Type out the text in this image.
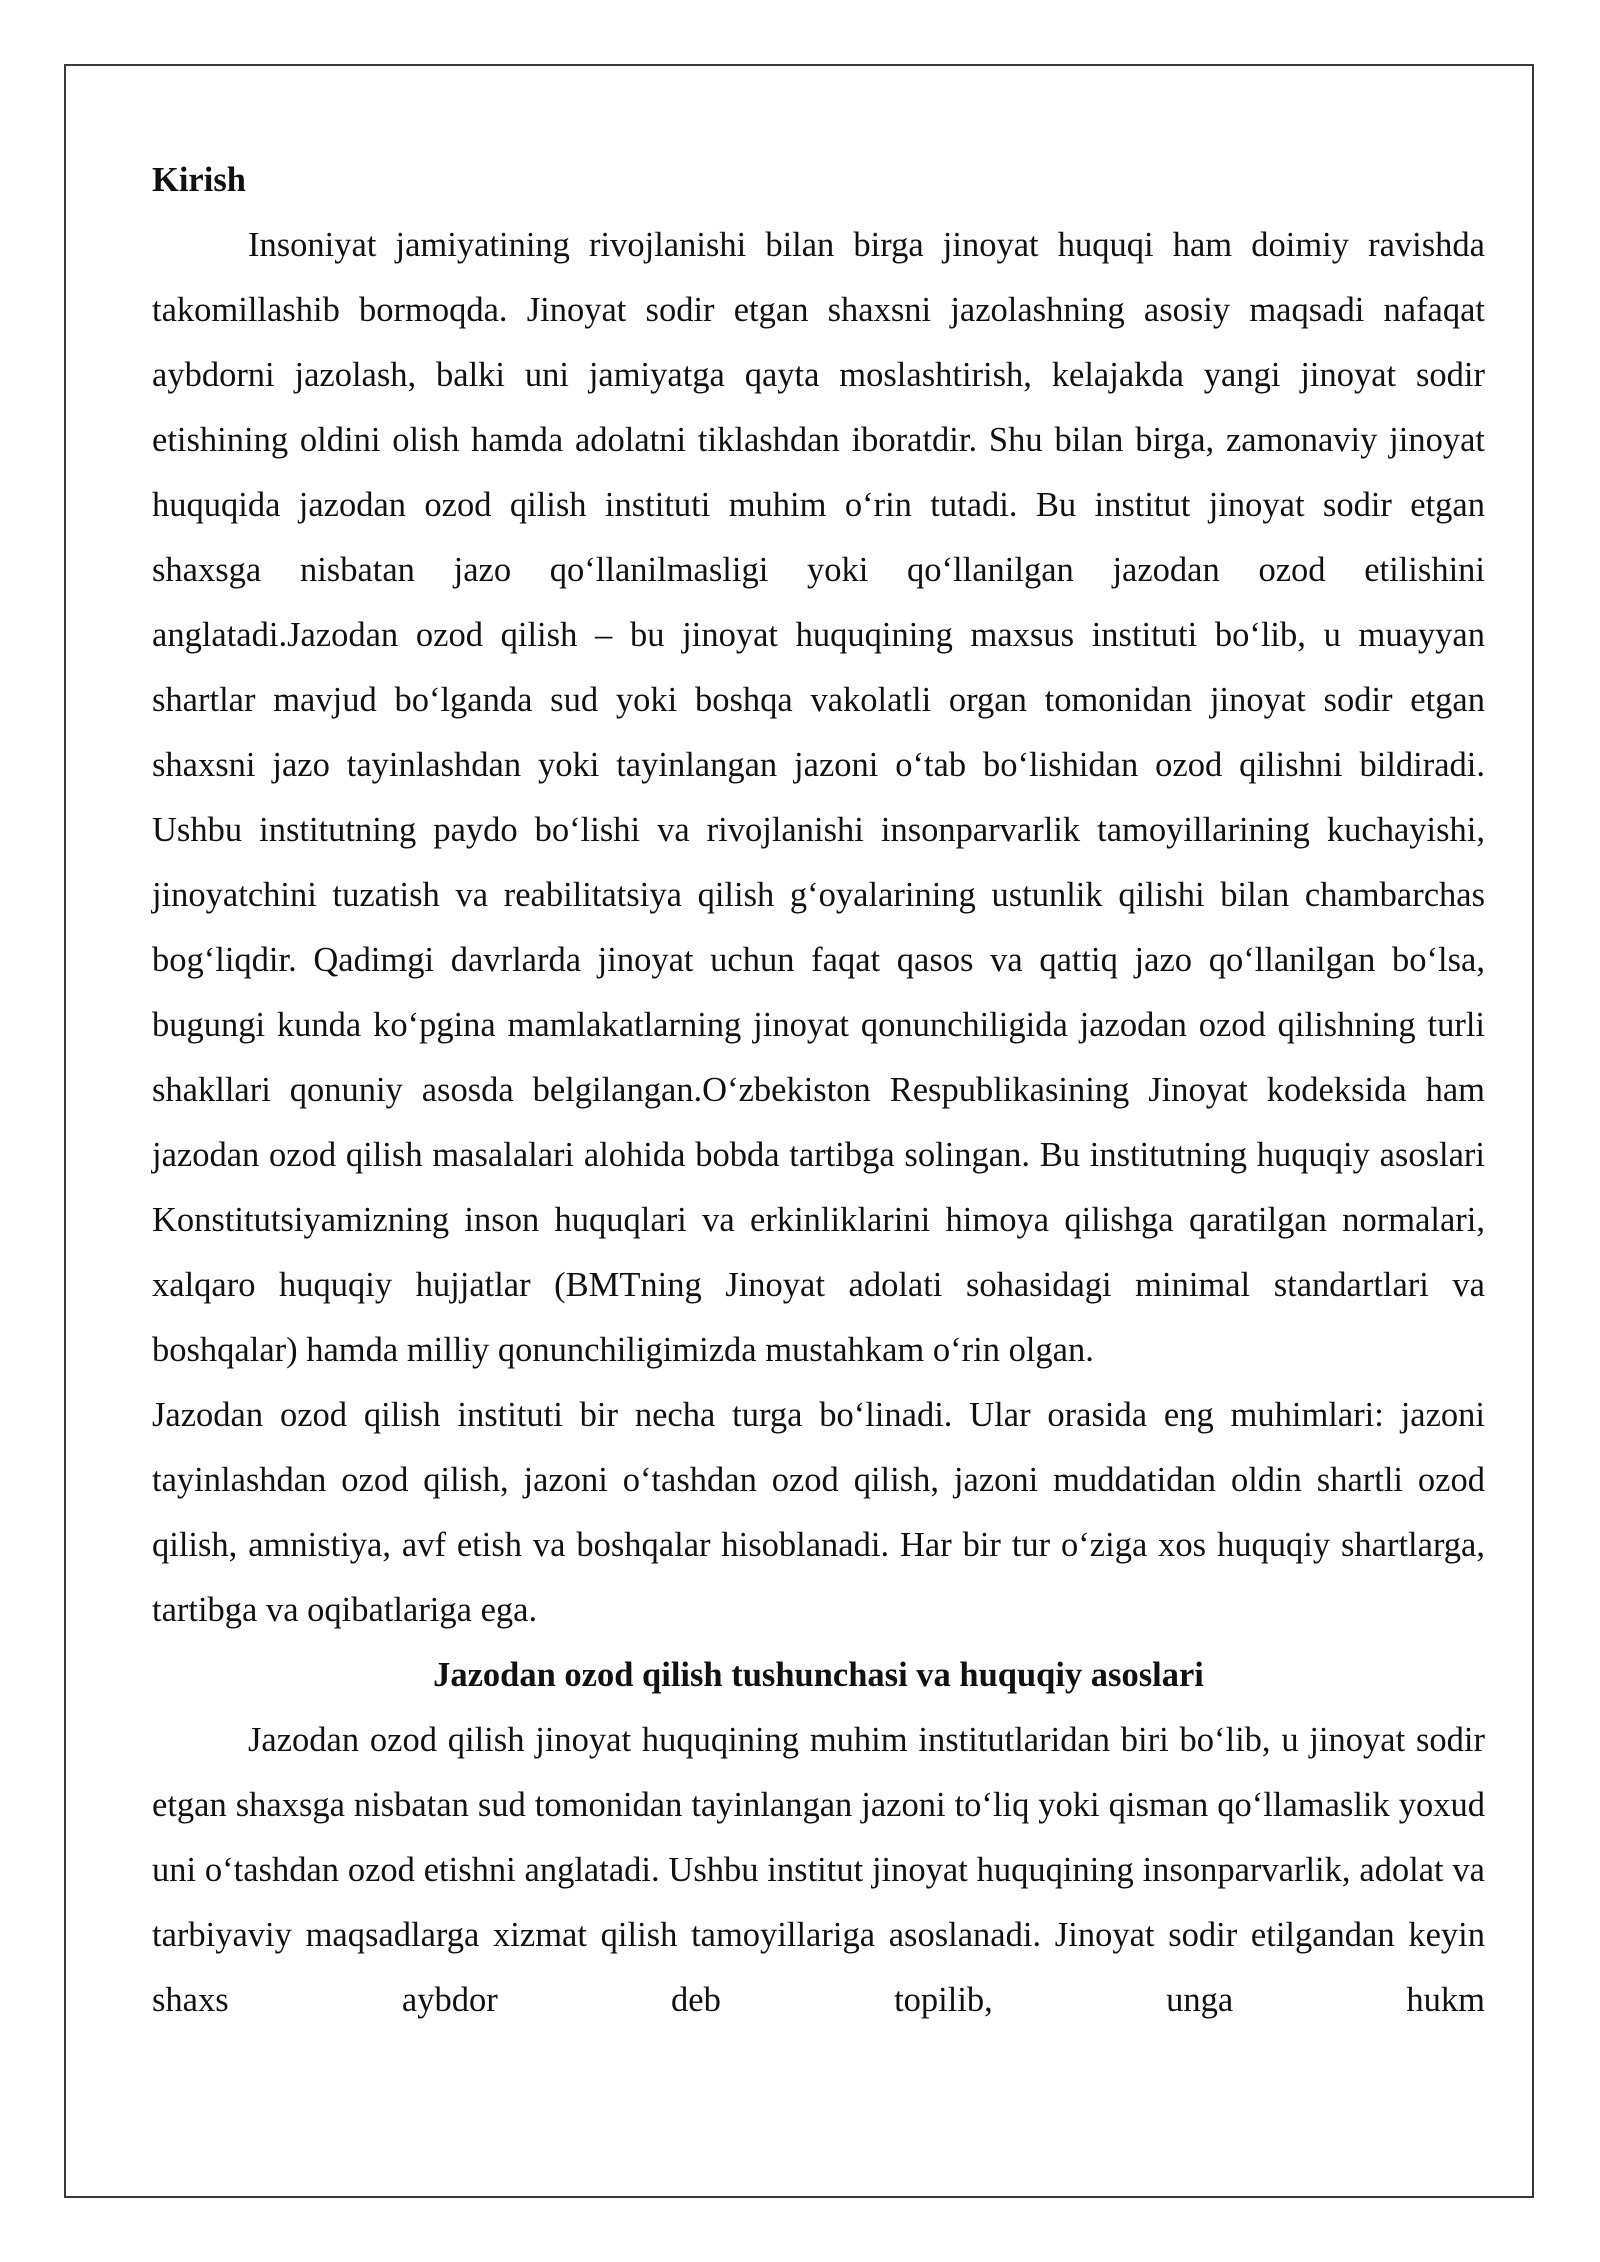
Kirish

Insoniyat jamiyatining rivojlanishi bilan birga jinoyat huquqi ham doimiy ravishda takomillashib bormoqda. Jinoyat sodir etgan shaxsni jazolashning asosiy maqsadi nafaqat aybdorni jazolash, balki uni jamiyatga qayta moslashtirish, kelajakda yangi jinoyat sodir etishining oldini olish hamda adolatni tiklashdan iboratdir. Shu bilan birga, zamonaviy jinoyat huquqida jazodan ozod qilish instituti muhim o‘rin tutadi. Bu institut jinoyat sodir etgan shaxsga nisbatan jazo qo‘llanilmasligi yoki qo‘llanilgan jazodan ozod etilishini anglatadi.Jazodan ozod qilish – bu jinoyat huquqining maxsus instituti bo‘lib, u muayyan shartlar mavjud bo‘lganda sud yoki boshqa vakolatli organ tomonidan jinoyat sodir etgan shaxsni jazo tayinlashdan yoki tayinlangan jazoni o‘tab bo‘lishidan ozod qilishni bildiradi. Ushbu institutning paydo bo‘lishi va rivojlanishi insonparvarlik tamoyillarining kuchayishi, jinoyatchini tuzatish va reabilitatsiya qilish g‘oyalarining ustunlik qilishi bilan chambarchas bog‘liqdir. Qadimgi davrlarda jinoyat uchun faqat qasos va qattiq jazo qo‘llanilgan bo‘lsa, bugungi kunda ko‘pgina mamlakatlarning jinoyat qonunchiligida jazodan ozod qilishning turli shakllari qonuniy asosda belgilangan.O‘zbekiston Respublikasining Jinoyat kodeksida ham jazodan ozod qilish masalalari alohida bobda tartibga solingan. Bu institutning huquqiy asoslari Konstitutsiyamizning inson huquqlari va erkinliklarini himoya qilishga qaratilgan normalari, xalqaro huquqiy hujjatlar (BMTning Jinoyat adolati sohasidagi minimal standartlari va boshqalar) hamda milliy qonunchiligimizda mustahkam o‘rin olgan.

Jazodan ozod qilish instituti bir necha turga bo‘linadi. Ular orasida eng muhimlari: jazoni tayinlashdan ozod qilish, jazoni o‘tashdan ozod qilish, jazoni muddatidan oldin shartli ozod qilish, amnistiya, avf etish va boshqalar hisoblanadi. Har bir tur o‘ziga xos huquqiy shartlarga, tartibga va oqibatlariga ega.

Jazodan ozod qilish tushunchasi va huquqiy asoslari

Jazodan ozod qilish jinoyat huquqining muhim institutlaridan biri bo‘lib, u jinoyat sodir etgan shaxsga nisbatan sud tomonidan tayinlangan jazoni to‘liq yoki qisman qo‘llamaslik yoxud uni o‘tashdan ozod etishni anglatadi. Ushbu institut jinoyat huquqining insonparvarlik, adolat va tarbiyaviy maqsadlarga xizmat qilish tamoyillariga asoslanadi. Jinoyat sodir etilgandan keyin shaxs aybdor deb topilib, unga hukm
